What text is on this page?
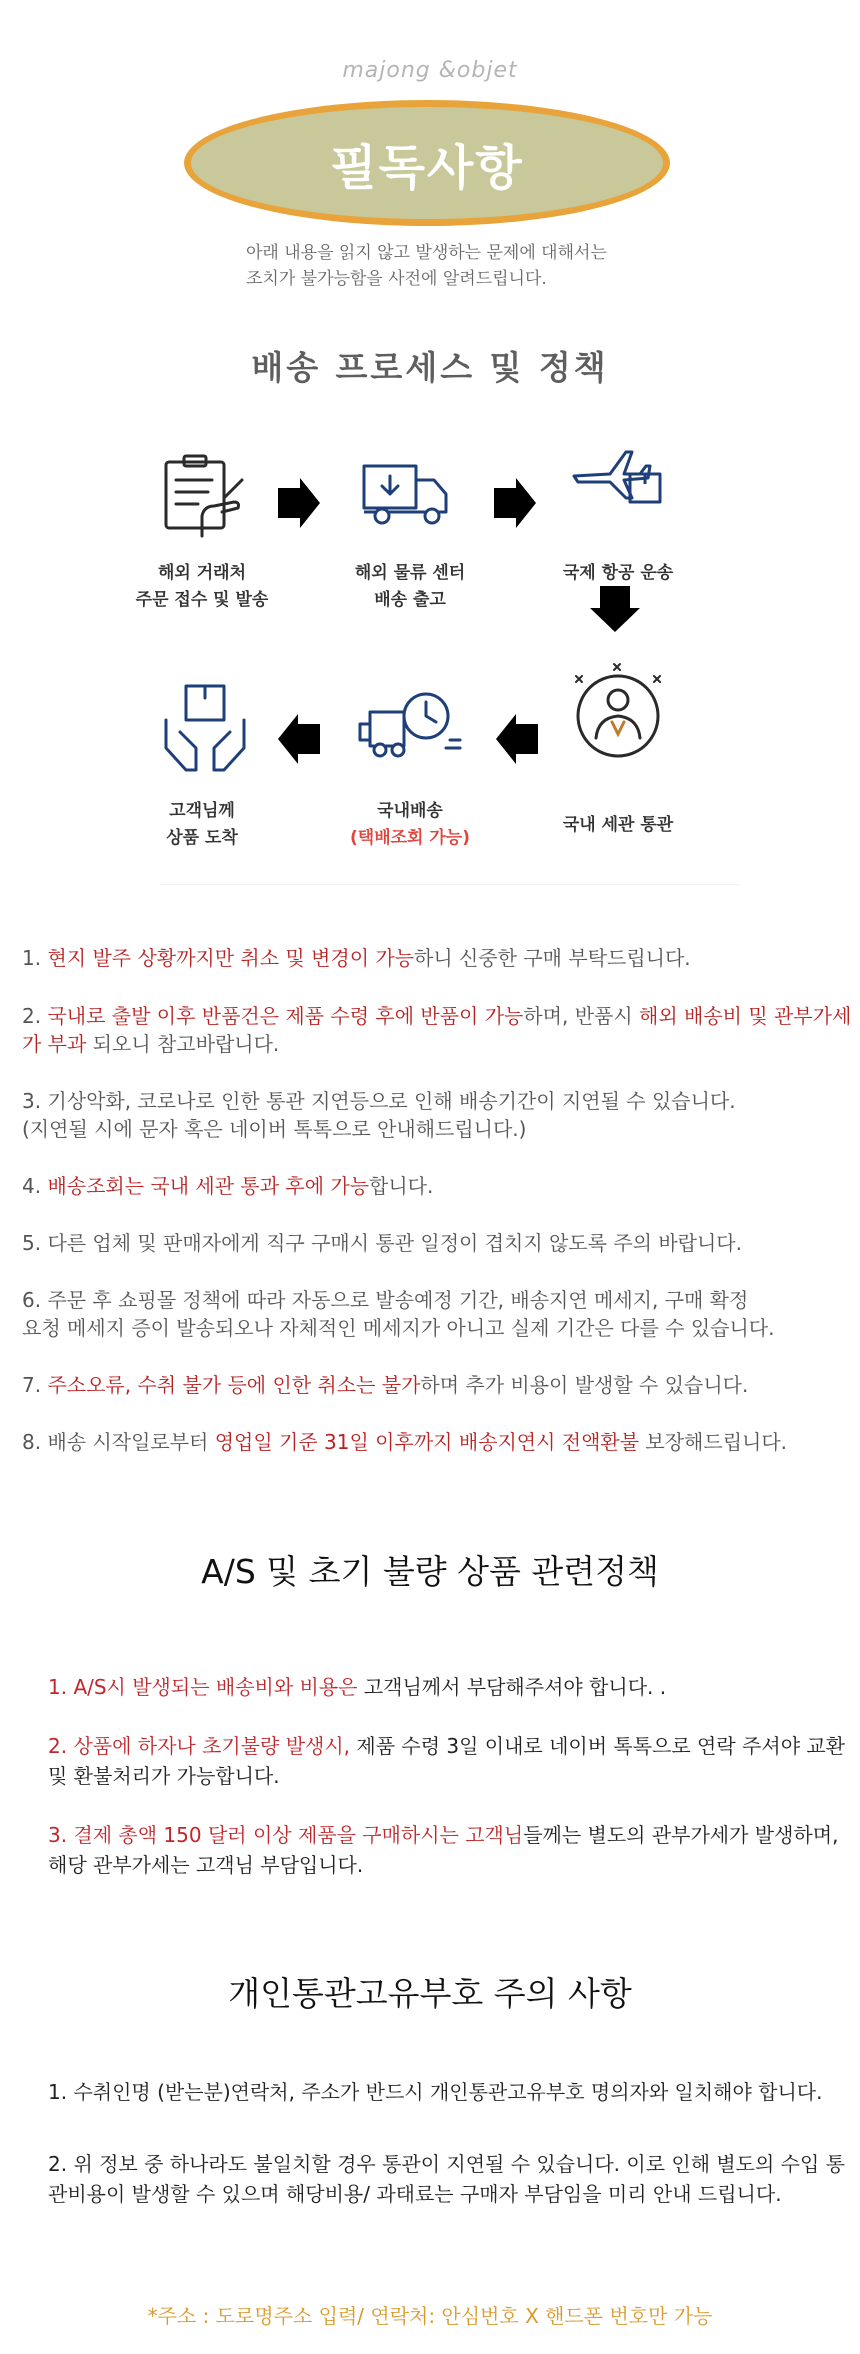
majong &objet
필독사항
아래 내용을 읽지 않고 발생하는 문제에 대해서는
조치가 불가능함을 사전에 알려드립니다.
배송 프로세스 및 정책
해외 거래처
주문 접수 및 발송
해외 물류 센터
배송 출고
국제 항공 운송
국내 세관 통관
국내배송
(택배조회 가능)
고객님께
상품 도착
1. 현지 발주 상황까지만 취소 및 변경이 가능하니 신중한 구매 부탁드립니다.
2. 국내로 출발 이후 반품건은 제품 수령 후에 반품이 가능하며, 반품시 해외 배송비 및 관부가세가 부과 되오니 참고바랍니다.
3. 기상악화, 코로나로 인한 통관 지연등으로 인해 배송기간이 지연될 수 있습니다.
(지연될 시에 문자 혹은 네이버 톡톡으로 안내해드립니다.)
4. 배송조회는 국내 세관 통과 후에 가능합니다.
5. 다른 업체 및 판매자에게 직구 구매시 통관 일정이 겹치지 않도록 주의 바랍니다.
6. 주문 후 쇼핑몰 정책에 따라 자동으로 발송예정 기간, 배송지연 메세지, 구매 확정
요청 메세지 증이 발송되오나 자체적인 메세지가 아니고 실제 기간은 다를 수 있습니다.
7. 주소오류, 수취 불가 등에 인한 취소는 불가하며 추가 비용이 발생할 수 있습니다.
8. 배송 시작일로부터 영업일 기준 31일 이후까지 배송지연시 전액환불 보장해드립니다.
A/S 및 초기 불량 상품 관련정책
1. A/S시 발생되는 배송비와 비용은 고객님께서 부담해주셔야 합니다. .
2. 상품에 하자나 초기불량 발생시, 제품 수령 3일 이내로 네이버 톡톡으로 연락 주셔야 교환 및 환불처리가 가능합니다.
3. 결제 총액 150 달러 이상 제품을 구매하시는 고객님들께는 별도의 관부가세가 발생하며, 해당 관부가세는 고객님 부담입니다.
개인통관고유부호 주의 사항
1. 수취인명 (받는분)연락처, 주소가 반드시 개인통관고유부호 명의자와 일치해야 합니다.
2. 위 정보 중 하나라도 불일치할 경우 통관이 지연될 수 있습니다. 이로 인해 별도의 수입 통관비용이 발생할 수 있으며 해당비용/ 과태료는 구매자 부담임을 미리 안내 드립니다.
*주소 : 도로명주소 입력/ 연락처: 안심번호 X 핸드폰 번호만 가능
